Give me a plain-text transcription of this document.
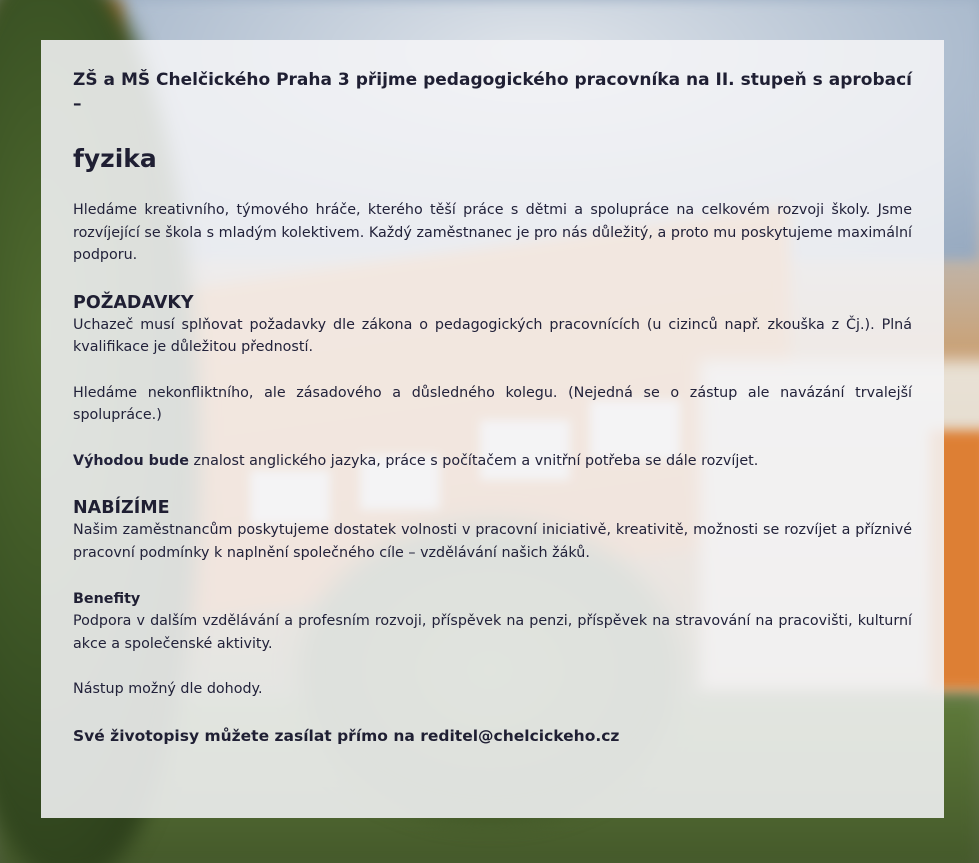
ZŠ a MŠ Chelčického Praha 3 přijme pedagogického pracovníka na II. stupeň s aprobací –

fyzika

Hledáme kreativního, týmového hráče, kterého těší práce s dětmi a spolupráce na celkovém rozvoji školy. Jsme rozvíjející se škola s mladým kolektivem. Každý zaměstnanec je pro nás důležitý, a proto mu poskytujeme maximální podporu.

POŽADAVKY

Uchazeč musí splňovat požadavky dle zákona o pedagogických pracovnících (u cizinců např. zkouška z Čj.). Plná kvalifikace je důležitou předností.

Hledáme nekonfliktního, ale zásadového a důsledného kolegu. (Nejedná se o zástup ale navázání trvalejší spolupráce.)

Výhodou bude znalost anglického jazyka, práce s počítačem a vnitřní potřeba se dále rozvíjet.

NABÍZÍME

Našim zaměstnancům poskytujeme dostatek volnosti v pracovní iniciativě, kreativitě, možnosti se rozvíjet a příznivé pracovní podmínky k naplnění společného cíle – vzdělávání našich žáků.

Benefity

Podpora v dalším vzdělávání a profesním rozvoji, příspěvek na penzi, příspěvek na stravování na pracovišti, kulturní akce a společenské aktivity.

Nástup možný dle dohody.

Své životopisy můžete zasílat přímo na reditel@chelcickeho.cz
